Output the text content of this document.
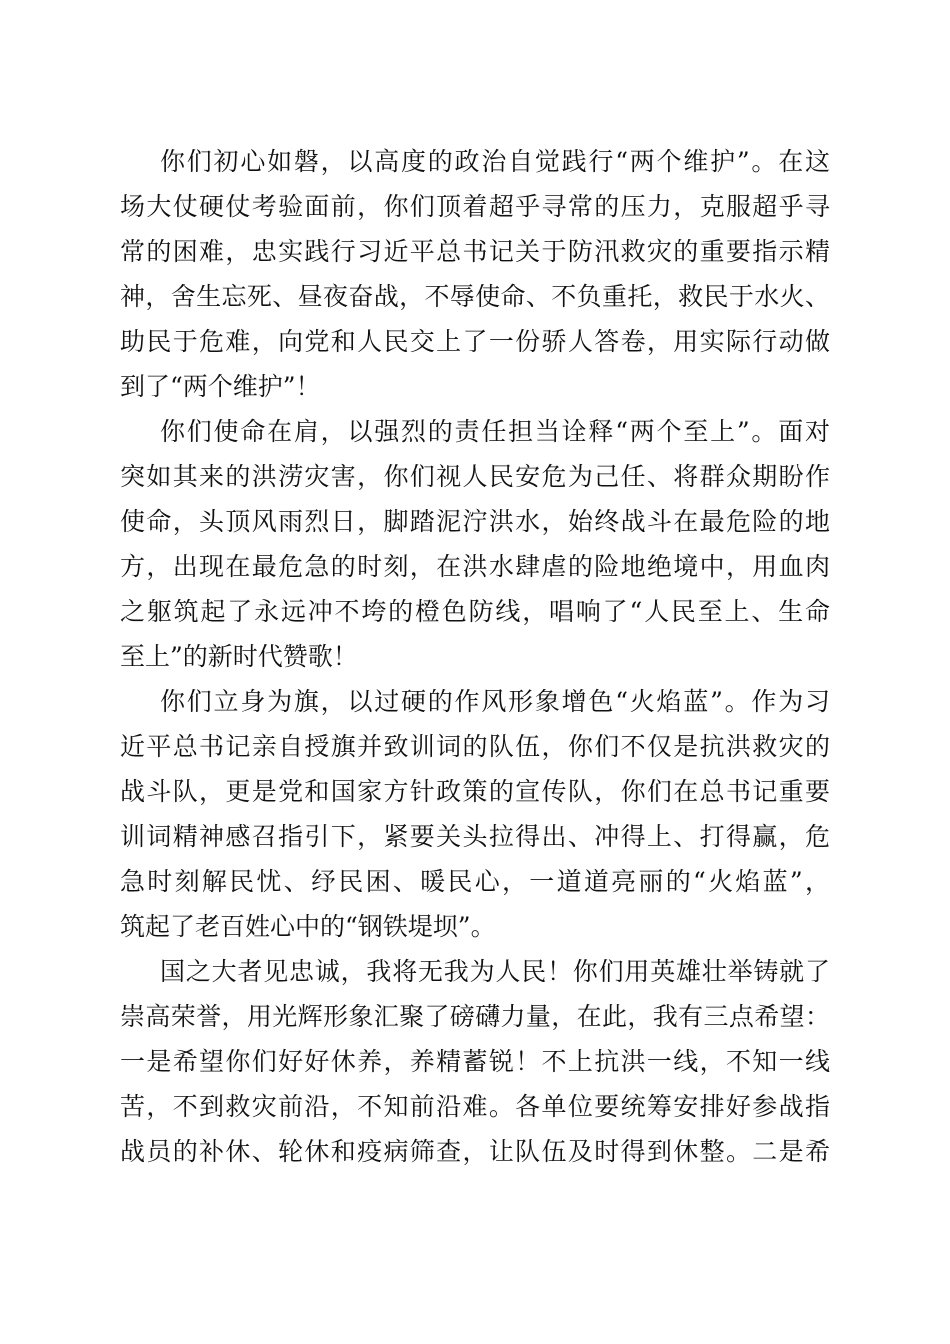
你们初心如磐，以高度的政治自觉践行“两个维护”。在这
场大仗硬仗考验面前，你们顶着超乎寻常的压力，克服超乎寻
常的困难，忠实践行习近平总书记关于防汛救灾的重要指示精
神，舍生忘死、昼夜奋战，不辱使命、不负重托，救民于水火、
助民于危难，向党和人民交上了一份骄人答卷，用实际行动做
到了“两个维护”！
你们使命在肩，以强烈的责任担当诠释“两个至上”。面对
突如其来的洪涝灾害，你们视人民安危为己任、将群众期盼作
使命，头顶风雨烈日，脚踏泥泞洪水，始终战斗在最危险的地
方，出现在最危急的时刻，在洪水肆虐的险地绝境中，用血肉
之躯筑起了永远冲不垮的橙色防线，唱响了“人民至上、生命
至上”的新时代赞歌！
你们立身为旗，以过硬的作风形象增色“火焰蓝”。作为习
近平总书记亲自授旗并致训词的队伍，你们不仅是抗洪救灾的
战斗队，更是党和国家方针政策的宣传队，你们在总书记重要
训词精神感召指引下，紧要关头拉得出、冲得上、打得赢，危
急时刻解民忧、纾民困、暖民心，一道道亮丽的“火焰蓝”，
筑起了老百姓心中的“钢铁堤坝”。
国之大者见忠诚，我将无我为人民！你们用英雄壮举铸就了
崇高荣誉，用光辉形象汇聚了磅礴力量，在此，我有三点希望：
一是希望你们好好休养，养精蓄锐！不上抗洪一线，不知一线
苦，不到救灾前沿，不知前沿难。各单位要统筹安排好参战指
战员的补休、轮休和疫病筛查，让队伍及时得到休整。二是希
